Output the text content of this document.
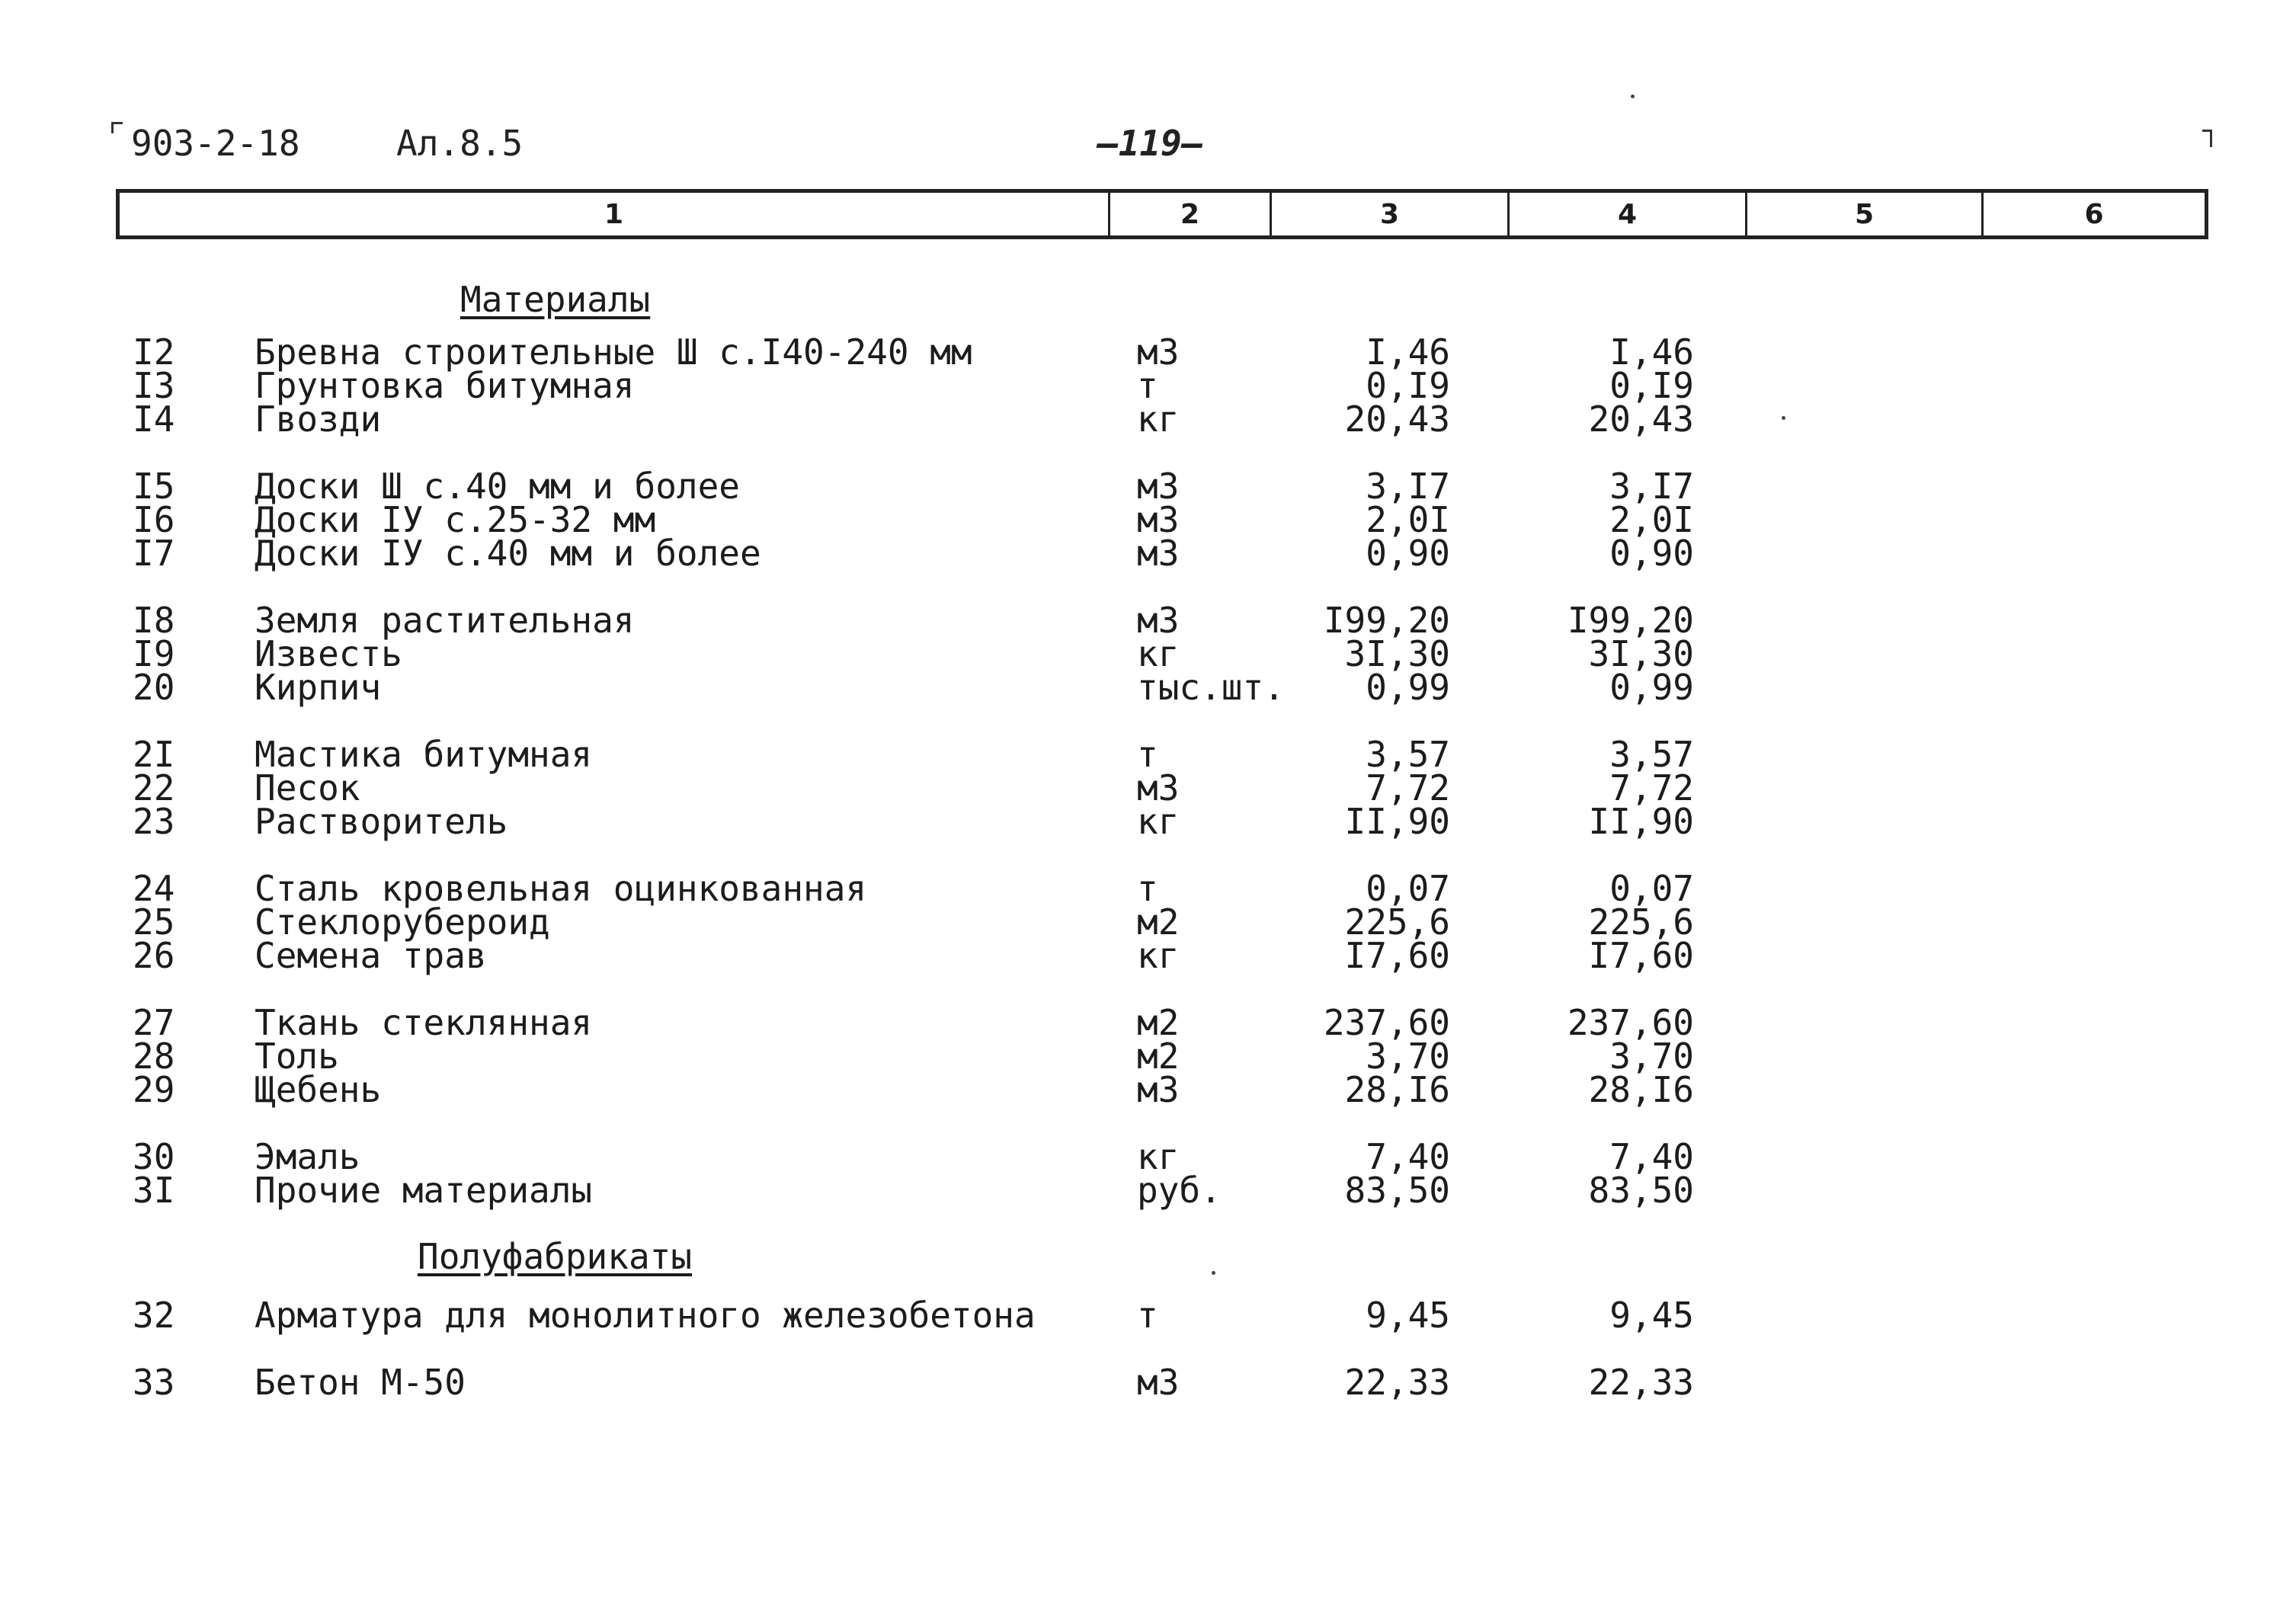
903-2-18	Ал.8.5	—119—
1	2	3	4	5	6
Материалы
I2 Бревна строительные Ш с.I40-240 мм	м3	I,46	I,46
I3 Грунтовка битумная	т	0,I9	0,I9
I4 Гвозди	кг	20,43	20,43
I5 Доски Ш с.40 мм и более	м3	3,I7	3,I7
I6 Доски IУ с.25-32 мм	м3	2,0I	2,0I
I7 Доски IУ с.40 мм и более	м3	0,90	0,90
I8 Земля растительная	м3	I99,20	I99,20
I9 Известь	кг	3I,30	3I,30
20 Кирпич	тыс.шт. 0,99	0,99
2I Мастика битумная	т	3,57	3,57
22 Песок	м3	7,72	7,72
23 Растворитель	кг	II,90	II,90
24 Сталь кровельная оцинкованная	т	0,07	0,07
25 Стеклорубероид	м2	225,6	225,6
26 Семена трав	кг	I7,60	I7,60
27 Ткань стеклянная	м2	237,60	237,60
28 Толь	м2	3,70	3,70
29 Щебень	м3	28,I6	28,I6
30 Эмаль	кг	7,40	7,40
3I Прочие материалы	руб.	83,50	83,50
32 Арматура для монолитного железобетона	т	9,45	9,45
33 Бетон М-50	м3	22,33	22,33
Полуфабрикаты
